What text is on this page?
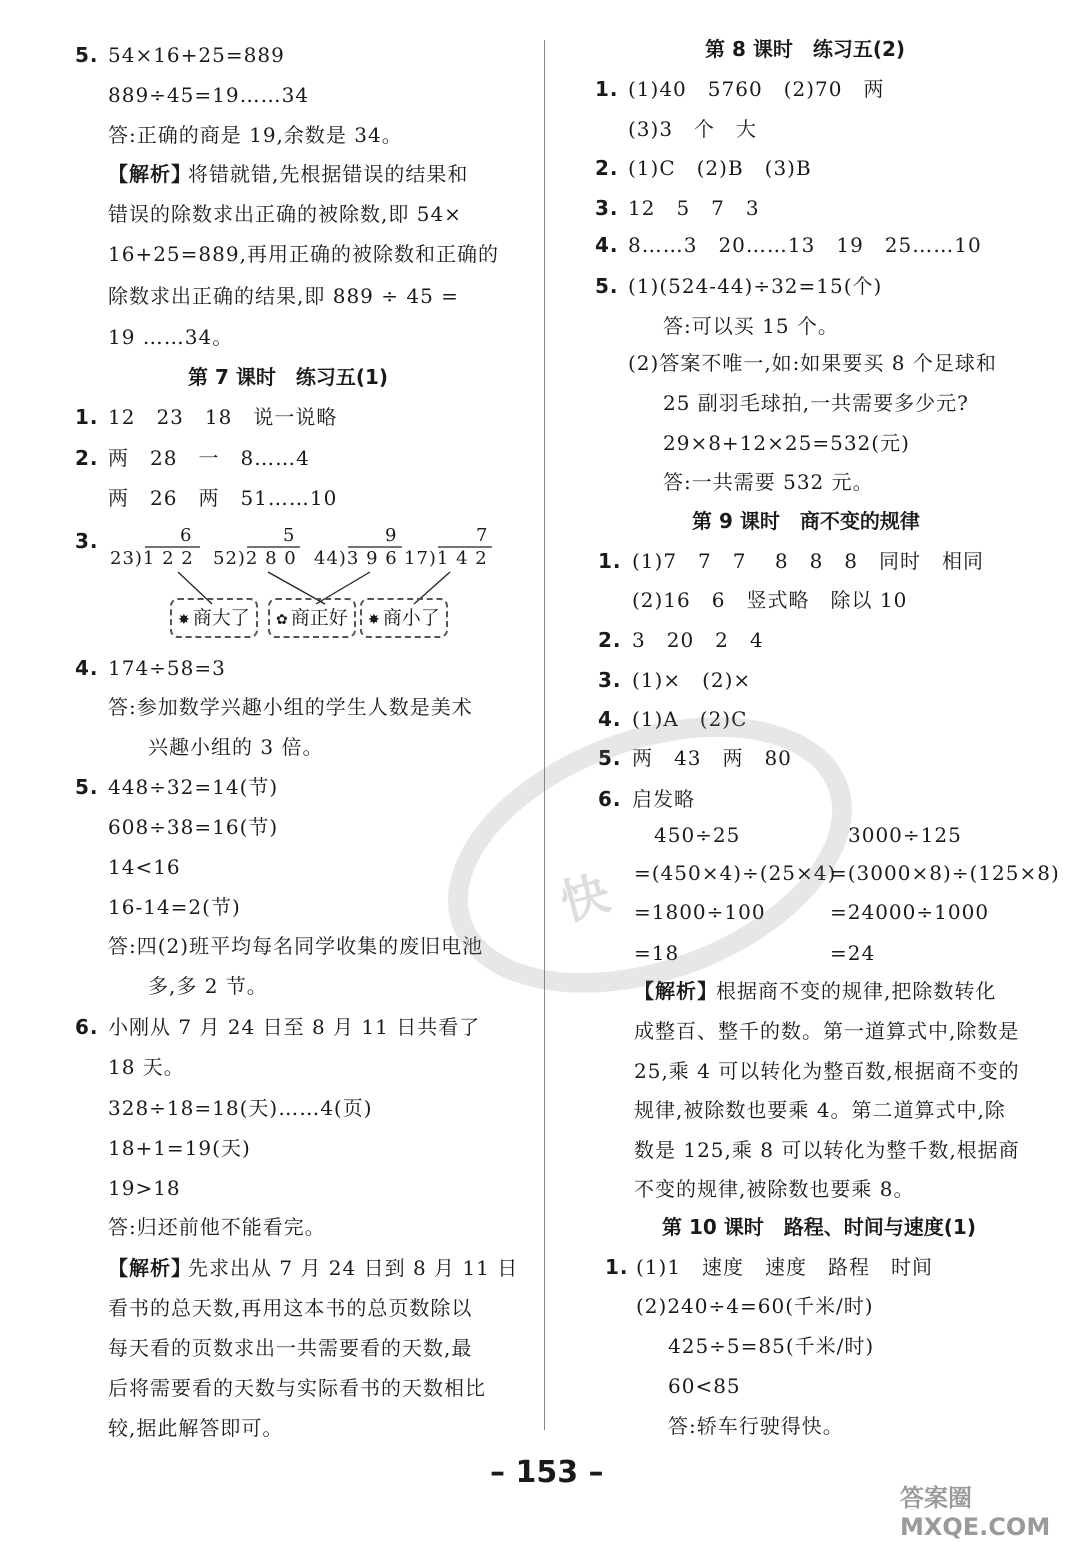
5. 54×16+25=889
889÷45=19……34
答:正确的商是 19,余数是 34。
【解析】
将错就错,先根据错误的结果和
错误的除数求出正确的被除数,即 54×
16+25=889,再用正确的被除数和正确的
除数求出正确的结果,即 889 ÷ 45 =
19 ……34。
第 7 课时　练习五(1)
1. 12　23　18　说一说略
2. 两　28　一　8……4
两　26　两　51……10
3.	6	5	9	7
23)1 2 2 52)2 8 0 44)3 9 6 17)1 4 2
✸ 商大了	✿ 商正好	✸ 商小了
4. 174÷58=3
答:参加数学兴趣小组的学生人数是美术
兴趣小组的 3 倍。
5. 448÷32=14(节)
608÷38=16(节)
14<16
16-14=2(节)
答:四(2)班平均每名同学收集的废旧电池
多,多 2 节。
6. 小刚从 7 月 24 日至 8 月 11 日共看了
18 天。
328÷18=18(天)……4(页)
18+1=19(天)
19>18
答:归还前他不能看完。
【解析】
先求出从 7 月 24 日到 8 月 11 日
看书的总天数,再用这本书的总页数除以
每天看的页数求出一共需要看的天数,最
后将需要看的天数与实际看书的天数相比
较,据此解答即可。
第 8 课时　练习五(2)
1. (1)40　5760　(2)70　两
(3)3　个　大
2. (1)C　(2)B　(3)B
3. 12　5　7　3
4. 8……3　20……13　19　25……10
5. (1)(524-44)÷32=15(个)
答:可以买 15 个。
(2)答案不唯一,如:如果要买 8 个足球和
25 副羽毛球拍,一共需要多少元?
29×8+12×25=532(元)
答:一共需要 532 元。
第 9 课时　商不变的规律
1. (1)7　7　7　 8　8　8　同时　相同
(2)16　6　竖式略　除以 10
2. 3　20　2　4
3. (1)×　(2)×
4. (1)A　(2)C
5. 两　43　两　80
6. 启发略
450÷25
=(450×4)÷(25×4)
=1800÷100
=18
3000÷125
=(3000×8)÷(125×8)
=24000÷1000
=24
【解析】
根据商不变的规律,把除数转化
成整百、整千的数。第一道算式中,除数是
25,乘 4 可以转化为整百数,根据商不变的
规律,被除数也要乘 4。第二道算式中,除
数是 125,乘 8 可以转化为整千数,根据商
不变的规律,被除数也要乘 8。
第 10 课时　路程、时间与速度(1)
1. (1)1　速度　速度　路程　时间
(2)240÷4=60(千米/时)
425÷5=85(千米/时)
60<85
答:轿车行驶得快。
快
– 153 –
答案圈 MXQE.COM
